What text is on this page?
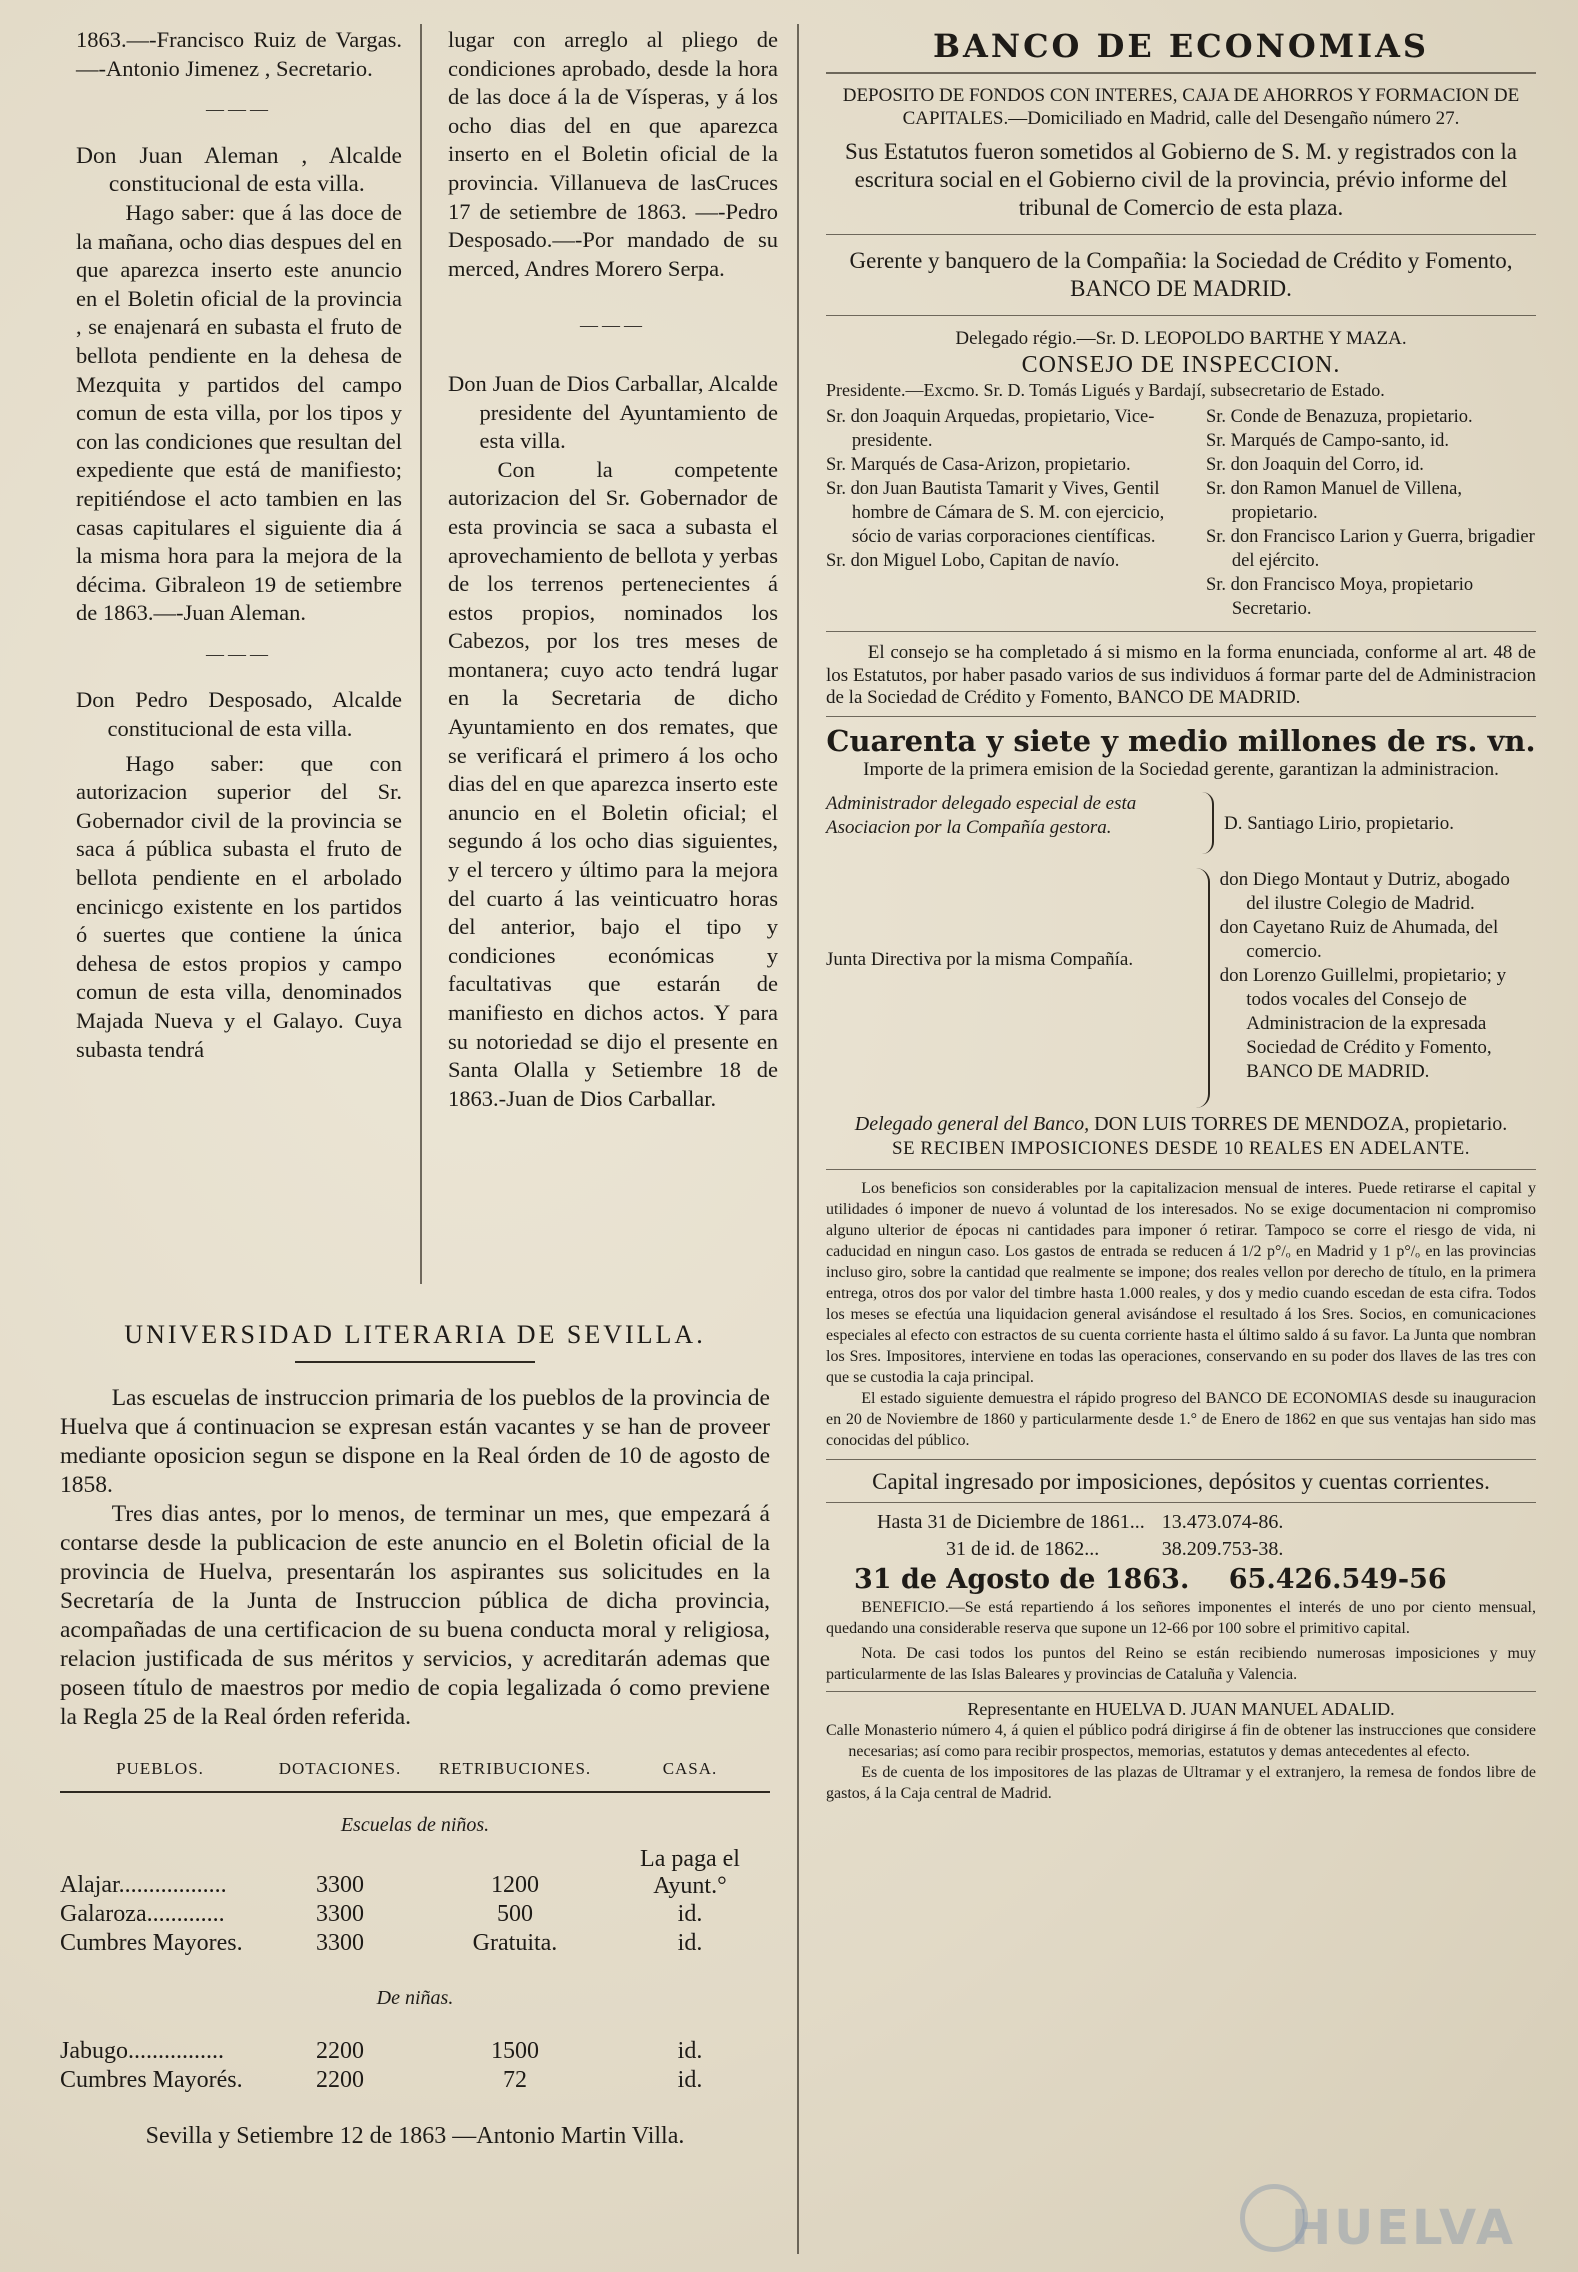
1863.—-Francisco Ruiz de Vargas.—-Antonio Jimenez , Secretario.

———

Don Juan Aleman , Alcalde constitucional de esta villa.

Hago saber: que á las doce de la mañana, ocho dias despues del en que aparezca inserto este anuncio en el Boletin oficial de la provincia , se enajenará en subasta el fruto de bellota pendiente en la dehesa de Mezquita y partidos del campo comun de esta villa, por los tipos y con las condiciones que resultan del expediente que está de manifiesto; repitiéndose el acto tambien en las casas capitulares el siguiente dia á la misma hora para la mejora de la décima. Gibraleon 19 de setiembre de 1863.—-Juan Aleman.

———

Don Pedro Desposado, Alcalde constitucional de esta villa.

Hago saber: que con autorizacion superior del Sr. Gobernador civil de la provincia se saca á pública subasta el fruto de bellota pendiente en el arbolado encinicgo existente en los partidos ó suertes que contiene la única dehesa de estos propios y campo comun de esta villa, denominados Majada Nueva y el Galayo. Cuya subasta tendrá

lugar con arreglo al pliego de condiciones aprobado, desde la hora de las doce á la de Vísperas, y á los ocho dias del en que aparezca inserto en el Boletin oficial de la provincia. Villanueva de lasCruces 17 de setiembre de 1863. —-Pedro Desposado.—-Por mandado de su merced, Andres Morero Serpa.

———

Don Juan de Dios Carballar, Alcalde presidente del Ayuntamiento de esta villa.

Con la competente autorizacion del Sr. Gobernador de esta provincia se saca a subasta el aprovechamiento de bellota y yerbas de los terrenos pertenecientes á estos propios, nominados los Cabezos, por los tres meses de montanera; cuyo acto tendrá lugar en la Secretaria de dicho Ayuntamiento en dos remates, que se verificará el primero á los ocho dias del en que aparezca inserto este anuncio en el Boletin oficial; el segundo á los ocho dias siguientes, y el tercero y último para la mejora del cuarto á las veinticuatro horas del anterior, bajo el tipo y condiciones económicas y facultativas que estarán de manifiesto en dichos actos. Y para su notoriedad se dijo el presente en Santa Olalla y Setiembre 18 de 1863.-Juan de Dios Carballar.

UNIVERSIDAD LITERARIA DE SEVILLA.

Las escuelas de instruccion primaria de los pueblos de la provincia de Huelva que á continuacion se expresan están vacantes y se han de proveer mediante oposicion segun se dispone en la Real órden de 10 de agosto de 1858.

Tres dias antes, por lo menos, de terminar un mes, que empezará á contarse desde la publicacion de este anuncio en el Boletin oficial de la provincia de Huelva, presentarán los aspirantes sus solicitudes en la Secretaría de la Junta de Instruccion pública de dicha provincia, acompañadas de una certificacion de su buena conducta moral y religiosa, relacion justificada de sus méritos y servicios, y acreditarán ademas que poseen título de maestros por medio de copia legalizada ó como previene la Regla 25 de la Real órden referida.

PUEBLOS.	DOTACIONES.	RETRIBUCIONES.	CASA.
Escuelas de niños.			
Alajar..................	3300	1200	La paga el Ayunt.°
Galaroza.............	3300	500	id.
Cumbres Mayores.	3300	Gratuita.	id.
De niñas.			
Jabugo................	2200	1500	id.
Cumbres Mayorés.	2200	72	id.

Sevilla y Setiembre 12 de 1863 —Antonio Martin Villa.

BANCO DE ECONOMIAS

DEPOSITO DE FONDOS CON INTERES, CAJA DE AHORROS Y FORMACION DE CAPITALES.—Domiciliado en Madrid, calle del Desengaño número 27.

Sus Estatutos fueron sometidos al Gobierno de S. M. y registrados con la escritura social en el Gobierno civil de la provincia, prévio informe del tribunal de Comercio de esta plaza.

Gerente y banquero de la Compañia: la Sociedad de Crédito y Fomento, BANCO DE MADRID.

Delegado régio.—Sr. D. LEOPOLDO BARTHE Y MAZA.

CONSEJO DE INSPECCION.

Presidente.—Excmo. Sr. D. Tomás Ligués y Bardají, subsecretario de Estado.

Sr. don Joaquin Arquedas, propietario, Vice-presidente.

Sr. Marqués de Casa-Arizon, propietario.

Sr. don Juan Bautista Tamarit y Vives, Gentil hombre de Cámara de S. M. con ejercicio, sócio de varias corporaciones científicas.

Sr. don Miguel Lobo, Capitan de navío.

Sr. Conde de Benazuza, propietario.

Sr. Marqués de Campo-santo, id.

Sr. don Joaquin del Corro, id.

Sr. don Ramon Manuel de Villena, propietario.

Sr. don Francisco Larion y Guerra, brigadier del ejército.

Sr. don Francisco Moya, propietario Secretario.

El consejo se ha completado á si mismo en la forma enunciada, conforme al art. 48 de los Estatutos, por haber pasado varios de sus individuos á formar parte del de Administracion de la Sociedad de Crédito y Fomento, BANCO DE MADRID.

Cuarenta y siete y medio millones de rs. vn.

Importe de la primera emision de la Sociedad gerente, garantizan la administracion.

Administrador delegado especial de esta Asociacion por la Compañía gestora.	D. Santiago Lirio, propietario.
Junta Directiva por la misma Compañía.

don Diego Montaut y Dutriz, abogado del ilustre Colegio de Madrid.

don Cayetano Ruiz de Ahumada, del comercio.

don Lorenzo Guillelmi, propietario; y todos vocales del Consejo de Administracion de la expresada Sociedad de Crédito y Fomento, BANCO DE MADRID.

Delegado general del Banco, DON LUIS TORRES DE MENDOZA, propietario.

SE RECIBEN IMPOSICIONES DESDE 10 REALES EN ADELANTE.

Los beneficios son considerables por la capitalizacion mensual de interes. Puede retirarse el capital y utilidades ó imponer de nuevo á voluntad de los interesados. No se exige documentacion ni compromiso alguno ulterior de épocas ni cantidades para imponer ó retirar. Tampoco se corre el riesgo de vida, ni caducidad en ningun caso. Los gastos de entrada se reducen á 1/2 p°/ₒ en Madrid y 1 p°/ₒ en las provincias incluso giro, sobre la cantidad que realmente se impone; dos reales vellon por derecho de título, en la primera entrega, otros dos por valor del timbre hasta 1.000 reales, y dos y medio cuando escedan de esta cifra. Todos los meses se efectúa una liquidacion general avisándose el resultado á los Sres. Socios, en comunicaciones especiales al efecto con estractos de su cuenta corriente hasta el último saldo á su favor. La Junta que nombran los Sres. Impositores, interviene en todas las operaciones, conservando en su poder dos llaves de las tres con que se custodia la caja principal.

El estado siguiente demuestra el rápido progreso del BANCO DE ECONOMIAS desde su inauguracion en 20 de Noviembre de 1860 y particularmente desde 1.° de Enero de 1862 en que sus ventajas han sido mas conocidas del público.

Capital ingresado por imposiciones, depósitos y cuentas corrientes.

Hasta 31 de Diciembre de 1861...	13.473.074-86.
31 de id. de 1862...	38.209.753-38.

31 de Agosto de 1863. 65.426.549-56

BENEFICIO.—Se está repartiendo á los señores imponentes el interés de uno por ciento mensual, quedando una considerable reserva que supone un 12-66 por 100 sobre el primitivo capital.

Nota. De casi todos los puntos del Reino se están recibiendo numerosas imposiciones y muy particularmente de las Islas Baleares y provincias de Cataluña y Valencia.

Representante en HUELVA D. JUAN MANUEL ADALID.

Calle Monasterio número 4, á quien el público podrá dirigirse á fin de obtener las instrucciones que considere necesarias; así como para recibir prospectos, memorias, estatutos y demas antecedentes al efecto.

Es de cuenta de los impositores de las plazas de Ultramar y el extranjero, la remesa de fondos libre de gastos, á la Caja central de Madrid.

HUELVA
